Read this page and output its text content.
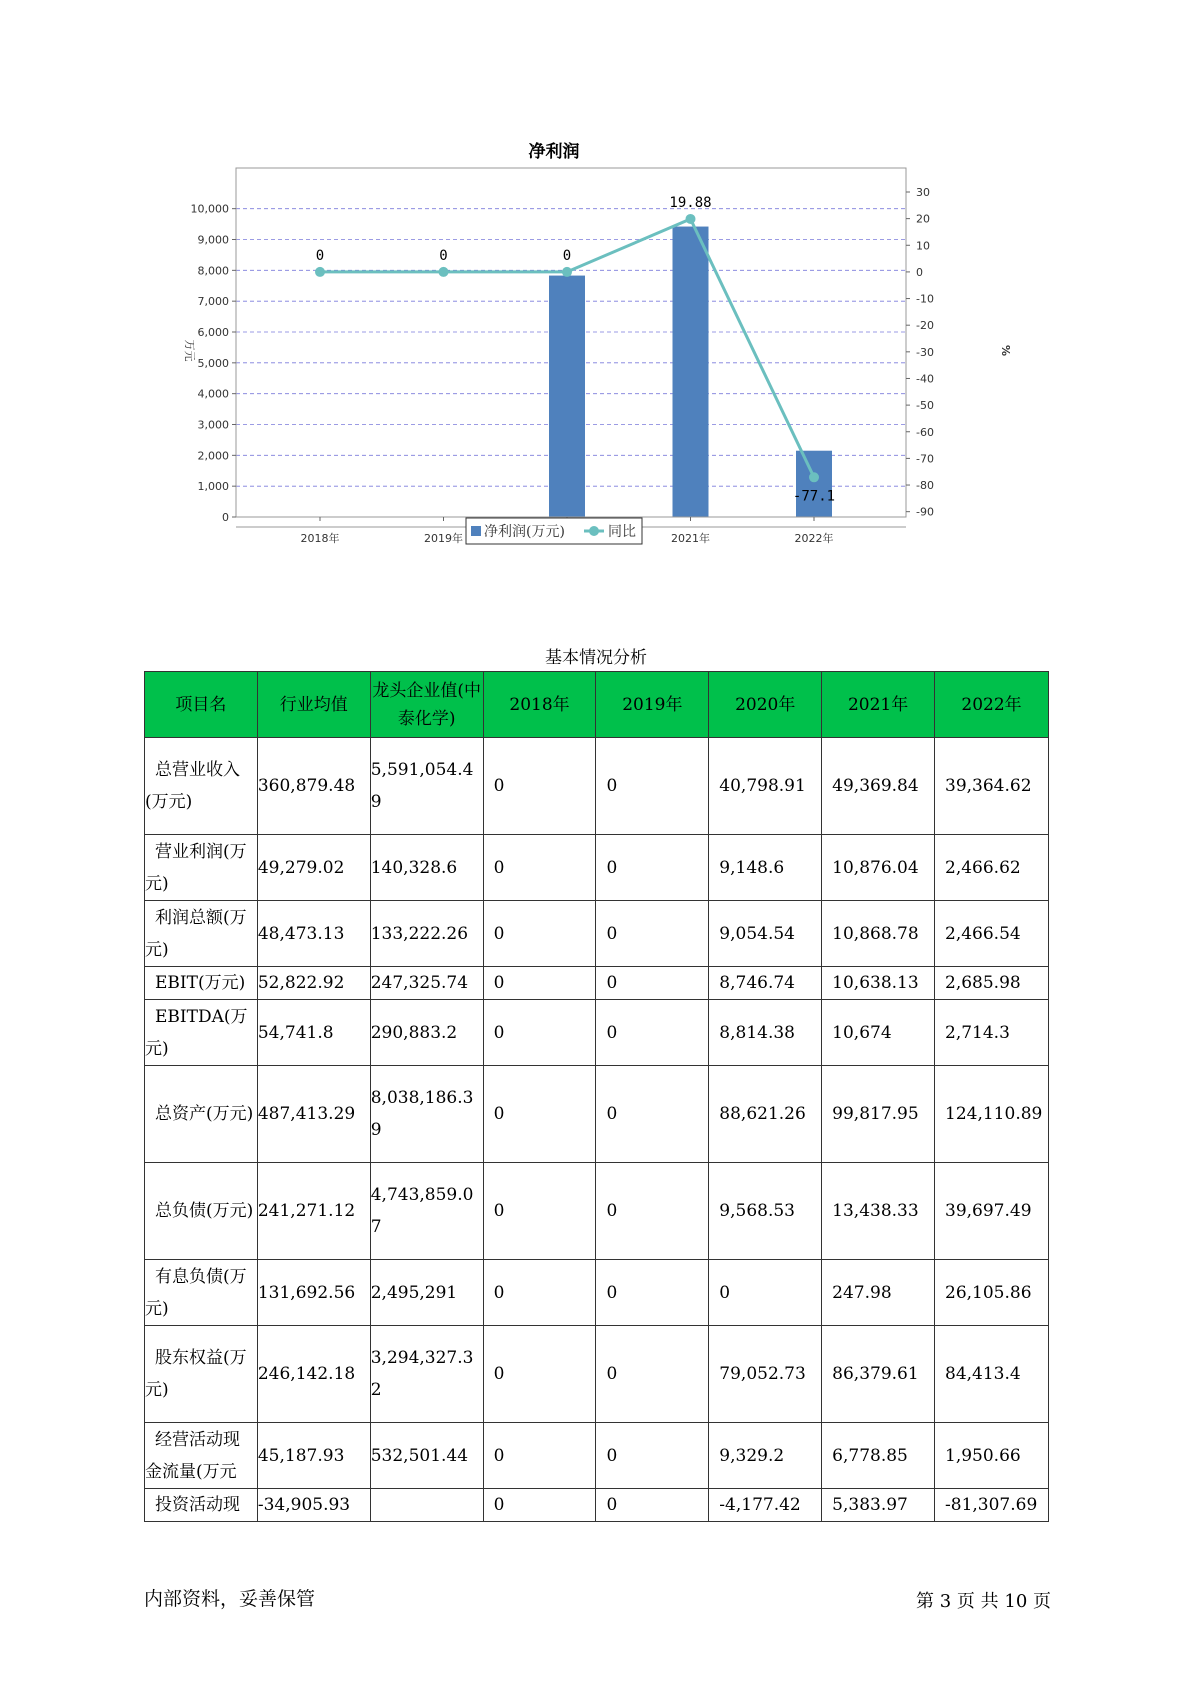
净利润
0
1,000
2,000
3,000
4,000
5,000
6,000
7,000
8,000
9,000
10,000
30
20
10
0
-10
-20
-30
-40
-50
-60
-70
-80
-90
万元	%
2018年	2019年	2021年	2022年
0	0	0
19.88
-77.1
净利润(万元)	同比
基本情况分析
项目名	行业均值	龙头企业值(中泰化学)	2018年	2019年	2020年	2021年	2022年
总营业收入(万元)	360,879.48	5,591,054.49	0	0	40,798.91	49,369.84	39,364.62
营业利润(万元)	49,279.02	140,328.6	0	0	9,148.6	10,876.04	2,466.62
利润总额(万元)	48,473.13	133,222.26	0	0	9,054.54	10,868.78	2,466.54
EBIT(万元)	52,822.92	247,325.74	0	0	8,746.74	10,638.13	2,685.98
EBITDA(万元)	54,741.8	290,883.2	0	0	8,814.38	10,674	2,714.3
总资产(万元)	487,413.29	8,038,186.39	0	0	88,621.26	99,817.95	124,110.89
总负债(万元)	241,271.12	4,743,859.07	0	0	9,568.53	13,438.33	39,697.49
有息负债(万元)	131,692.56	2,495,291	0	0	0	247.98	26,105.86
股东权益(万元)	246,142.18	3,294,327.32	0	0	79,052.73	86,379.61	84,413.4
经营活动现金流量(万元	45,187.93	532,501.44	0	0	9,329.2	6,778.85	1,950.66
投资活动现	-34,905.93		0	0	-4,177.42	5,383.97	-81,307.69
内部资料，妥善保管	第 3 页 共 10 页
